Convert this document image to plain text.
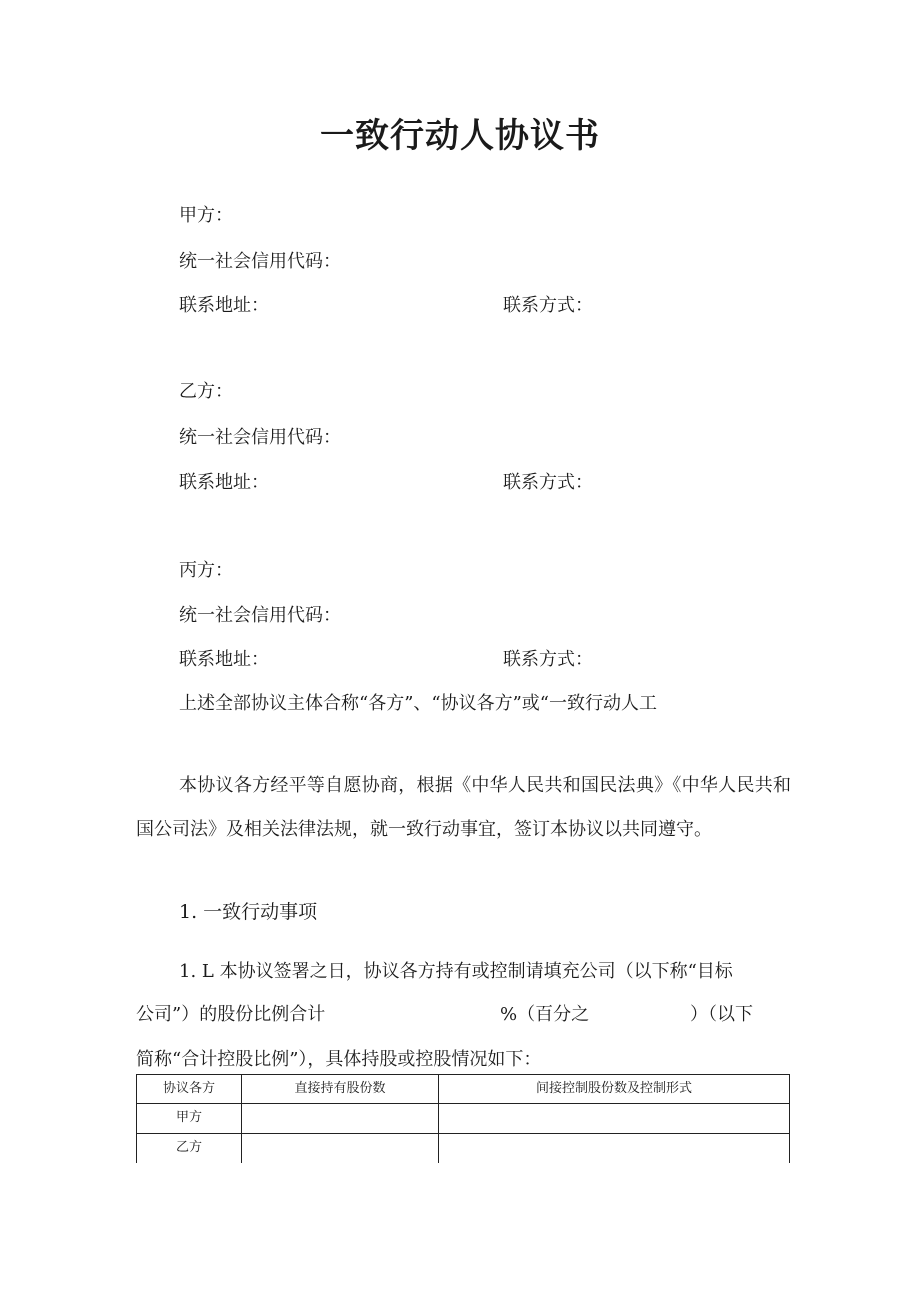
一致行动人协议书
甲方：
统一社会信用代码：
联系地址：	联系方式：
乙方：
统一社会信用代码：
联系地址：	联系方式：
丙方：
统一社会信用代码：
联系地址：	联系方式：
上述全部协议主体合称“各方”、“协议各方”或“一致行动人工

本协议各方经平等自愿协商，根据《中华人民共和国民法典》《中华人民共和国公司法》及相关法律法规，就一致行动事宜，签订本协议以共同遵守。

1. 一致行动事项
1. L 本协议签署之日，协议各方持有或控制请填充公司（以下称“目标
公司”）的股份比例合计	%（百分之	）（以下
简称“合计控股比例”），具体持股或控股情况如下：
协议各方	直接持有股份数	间接控制股份数及控制形式
甲方		
乙方		
